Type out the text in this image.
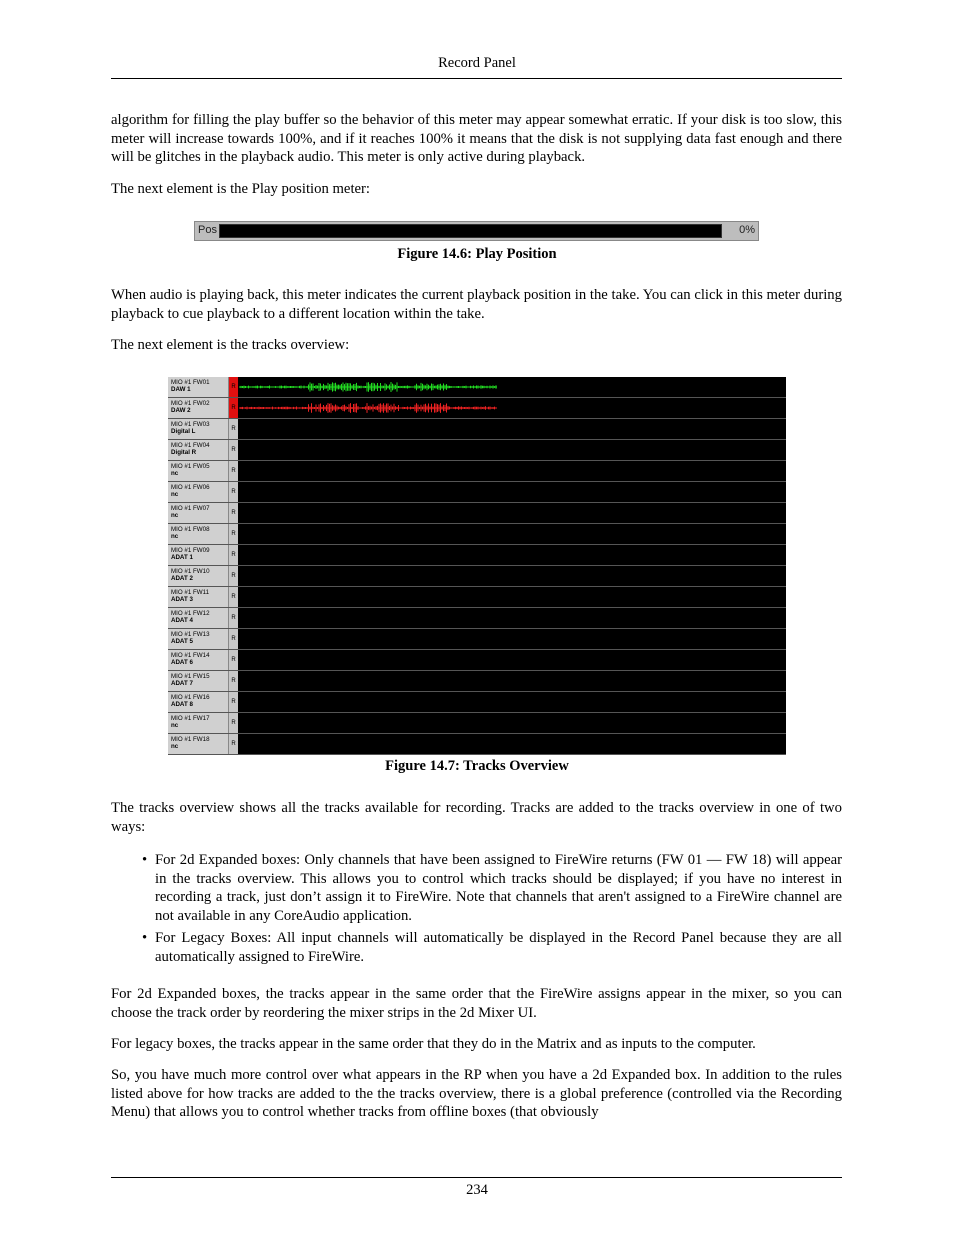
Record Panel

algorithm for filling the play buffer so the behavior of this meter may appear somewhat erratic. If your disk is too slow, this meter will increase towards 100%, and if it reaches 100% it means that the disk is not supplying data fast enough and there will be glitches in the playback audio. This meter is only active during playback.

The next element is the Play position meter:

Pos	0%
Figure 14.6: Play Position

When audio is playing back, this meter indicates the current playback position in the take. You can click in this meter during playback to cue playback to a different location within the take.

The next element is the tracks overview:

MIO #1 FW01
DAW 1	R
MIO #1 FW02
DAW 2	R
MIO #1 FW03
Digital L	R
MIO #1 FW04
Digital R	R
MIO #1 FW05
nc	R
MIO #1 FW06
nc	R
MIO #1 FW07
nc	R
MIO #1 FW08
nc	R
MIO #1 FW09
ADAT 1	R
MIO #1 FW10
ADAT 2	R
MIO #1 FW11
ADAT 3	R
MIO #1 FW12
ADAT 4	R
MIO #1 FW13
ADAT 5	R
MIO #1 FW14
ADAT 6	R
MIO #1 FW15
ADAT 7	R
MIO #1 FW16
ADAT 8	R
MIO #1 FW17
nc	R
MIO #1 FW18
nc	R
Figure 14.7: Tracks Overview

The tracks overview shows all the tracks available for recording. Tracks are added to the tracks overview in one of two ways:

• For 2d Expanded boxes: Only channels that have been assigned to FireWire returns (FW 01 — FW 18) will appear in the tracks overview. This allows you to control which tracks should be displayed; if you have no interest in recording a track, just don’t assign it to FireWire. Note that channels that aren't assigned to a FireWire channel are not available in any CoreAudio application.
• For Legacy Boxes: All input channels will automatically be displayed in the Record Panel because they are all automatically assigned to FireWire.

For 2d Expanded boxes, the tracks appear in the same order that the FireWire assigns appear in the mixer, so you can choose the track order by reordering the mixer strips in the 2d Mixer UI.

For legacy boxes, the tracks appear in the same order that they do in the Matrix and as inputs to the computer.

So, you have much more control over what appears in the RP when you have a 2d Expanded box. In addition to the rules listed above for how tracks are added to the the tracks overview, there is a global preference (controlled via the Recording Menu) that allows you to control whether tracks from offline boxes (that obviously

234
